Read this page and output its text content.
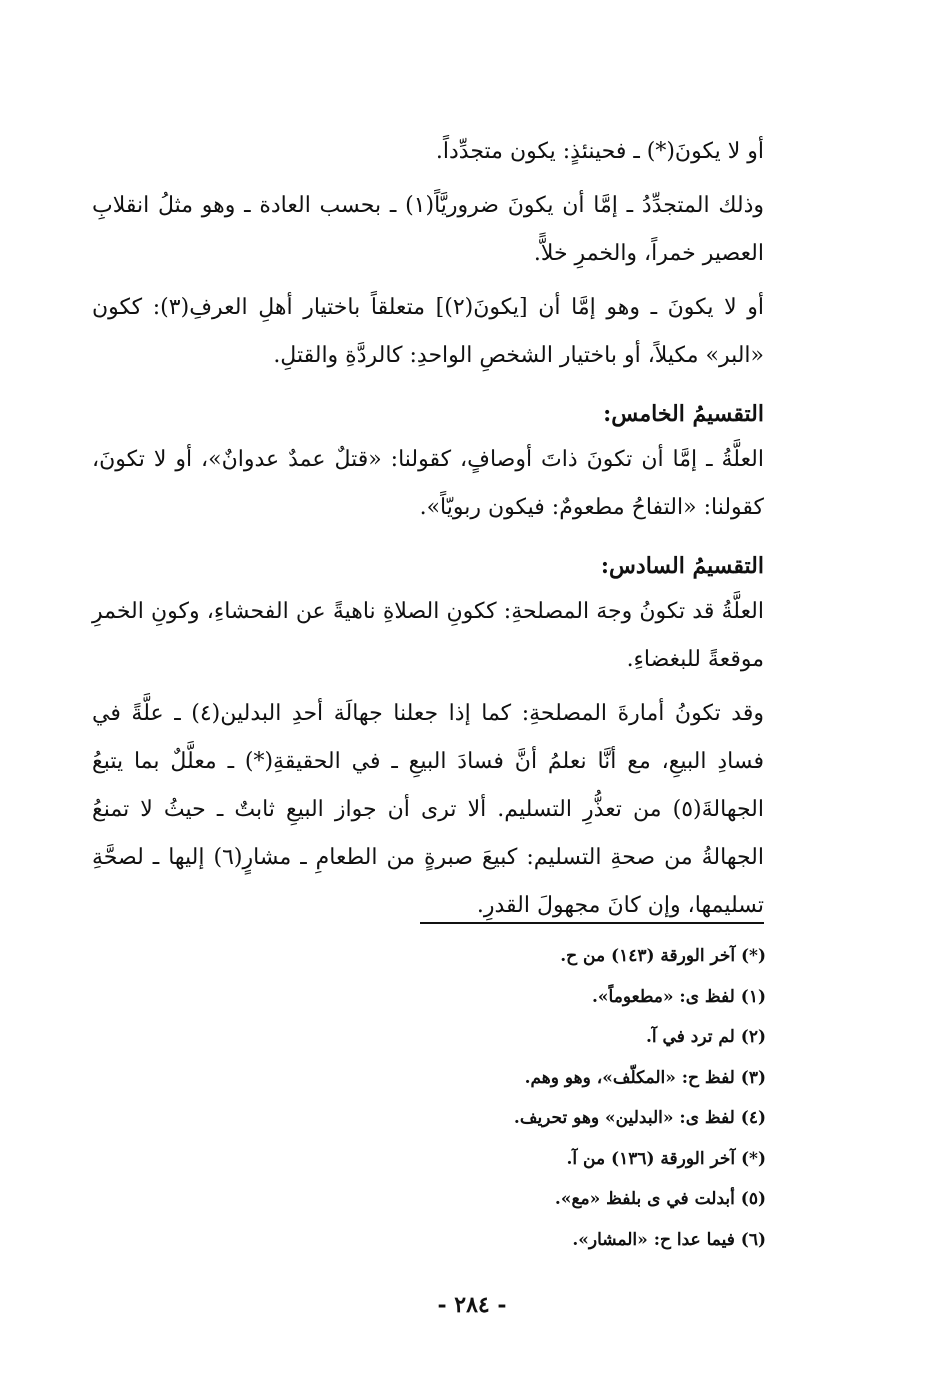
أو لا يكونَ(*) ـ فحينئذٍ: يكون متجدِّداً.

وذلك المتجدِّدُ ـ إمَّا أن يكونَ ضروريَّاً(١) ـ بحسب العادة ـ وهو مثلُ انقلابِ العصير خمراً، والخمرِ خلاًّ.

أو لا يكونَ ـ وهو إمَّا أن [يكونَ(٢)] متعلقاً باختيار أهلِ العرفِ(٣): ككون «البر» مكيلاً، أو باختيار الشخصِ الواحدِ: كالردَّةِ والقتلِ.

التقسيمُ الخامس:

العلَّةُ ـ إمَّا أن تكونَ ذاتَ أوصافٍ، كقولنا: «قتلٌ عمدٌ عدوانٌ»، أو لا تكونَ، كقولنا: «التفاحُ مطعومٌ: فيكون ربويّاً».

التقسيمُ السادس:

العلَّةُ قد تكونُ وجهَ المصلحةِ: ككونِ الصلاةِ ناهيةً عن الفحشاءِ، وكونِ الخمرِ موقعةً للبغضاءِ.

وقد تكونُ أمارةَ المصلحةِ: كما إذا جعلنا جهالَة أحدِ البدلين(٤) ـ علَّةً في فسادِ البيعِ، مع أنَّا نعلمُ أنَّ فسادَ البيعِ ـ في الحقيقةِ(*) ـ معلَّلٌ بما يتبعُ الجهالةَ(٥) من تعذُّرِ التسليم. ألا ترى أن جواز البيعِ ثابتٌ ـ حيثُ لا تمنعُ الجهالةُ من صحةِ التسليم: كبيعَ صبرةٍ من الطعامِ ـ مشارٍ(٦) إليها ـ لصحَّةِ تسليمها، وإن كانَ مجهولَ القدرِ.

(*) آخر الورقة (١٤٣) من ح.
(١) لفظ ى: «مطعوماً».
(٢) لم ترد في آ.
(٣) لفظ ح: «المكلّف»، وهو وهم.
(٤) لفظ ى: «البدلين» وهو تحريف.
(*) آخر الورقة (١٣٦) من آ.
(٥) أبدلت في ى بلفظ «مع».
(٦) فيما عدا ح: «المشار».
- ٢٨٤ -
